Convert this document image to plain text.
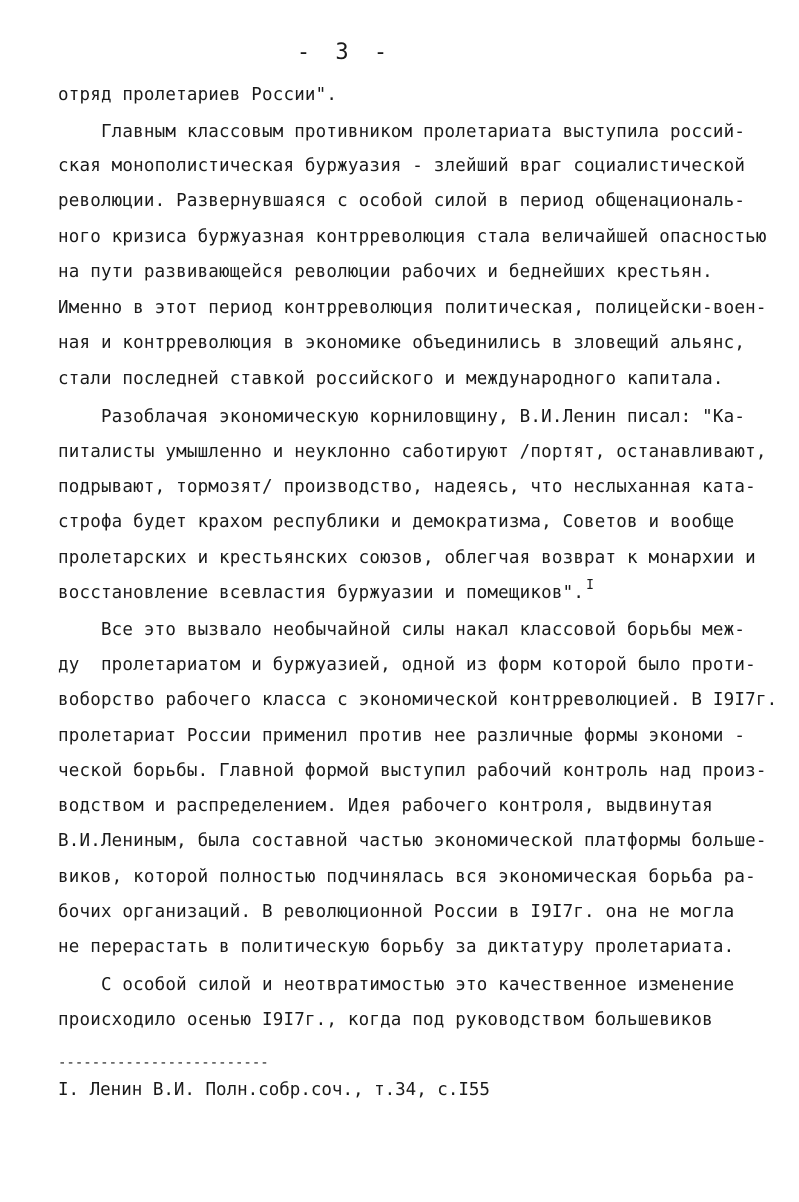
- 3 -
отряд пролетариев России".
Главным классовым противником пролетариата выступила россий-
ская монополистическая буржуазия - злейший враг социалистической
революции. Развернувшаяся с особой силой в период общенациональ-
ного кризиса буржуазная контрреволюция стала величайшей опасностью
на пути развивающейся революции рабочих и беднейших крестьян.
Именно в этот период контрреволюция политическая, полицейски-воен-
ная и контрреволюция в экономике объединились в зловещий альянс,
стали последней ставкой российского и международного капитала.
Разоблачая экономическую корниловщину, В.И.Ленин писал: "Ка-
питалисты умышленно и неуклонно саботируют /портят, останавливают,
подрывают, тормозят/ производство, надеясь, что неслыханная ката-
строфа будет крахом республики и демократизма, Советов и вообще
пролетарских и крестьянских союзов, облегчая возврат к монархии и
восстановление всевластия буржуазии и помещиков". $^I$
Все это вызвало необычайной силы накал классовой борьбы меж-
ду  пролетариатом и буржуазией, одной из форм которой было проти-
воборство рабочего класса с экономической контрреволюцией. В I9I7г.
пролетариат России применил против нее различные формы экономи -
ческой борьбы. Главной формой выступил рабочий контроль над произ-
водством и распределением. Идея рабочего контроля, выдвинутая
В.И.Лениным, была составной частью экономической платформы больше-
виков, которой полностью подчинялась вся экономическая борьба ра-
бочих организаций. В революционной России в I9I7г. она не могла
не перерастать в политическую борьбу за диктатуру пролетариата.
С особой силой и неотвратимостью это качественное изменение
происходило осенью I9I7г., когда под руководством большевиков
-------------------------
I. Ленин В.И. Полн.собр.соч., т.34, с.I55
